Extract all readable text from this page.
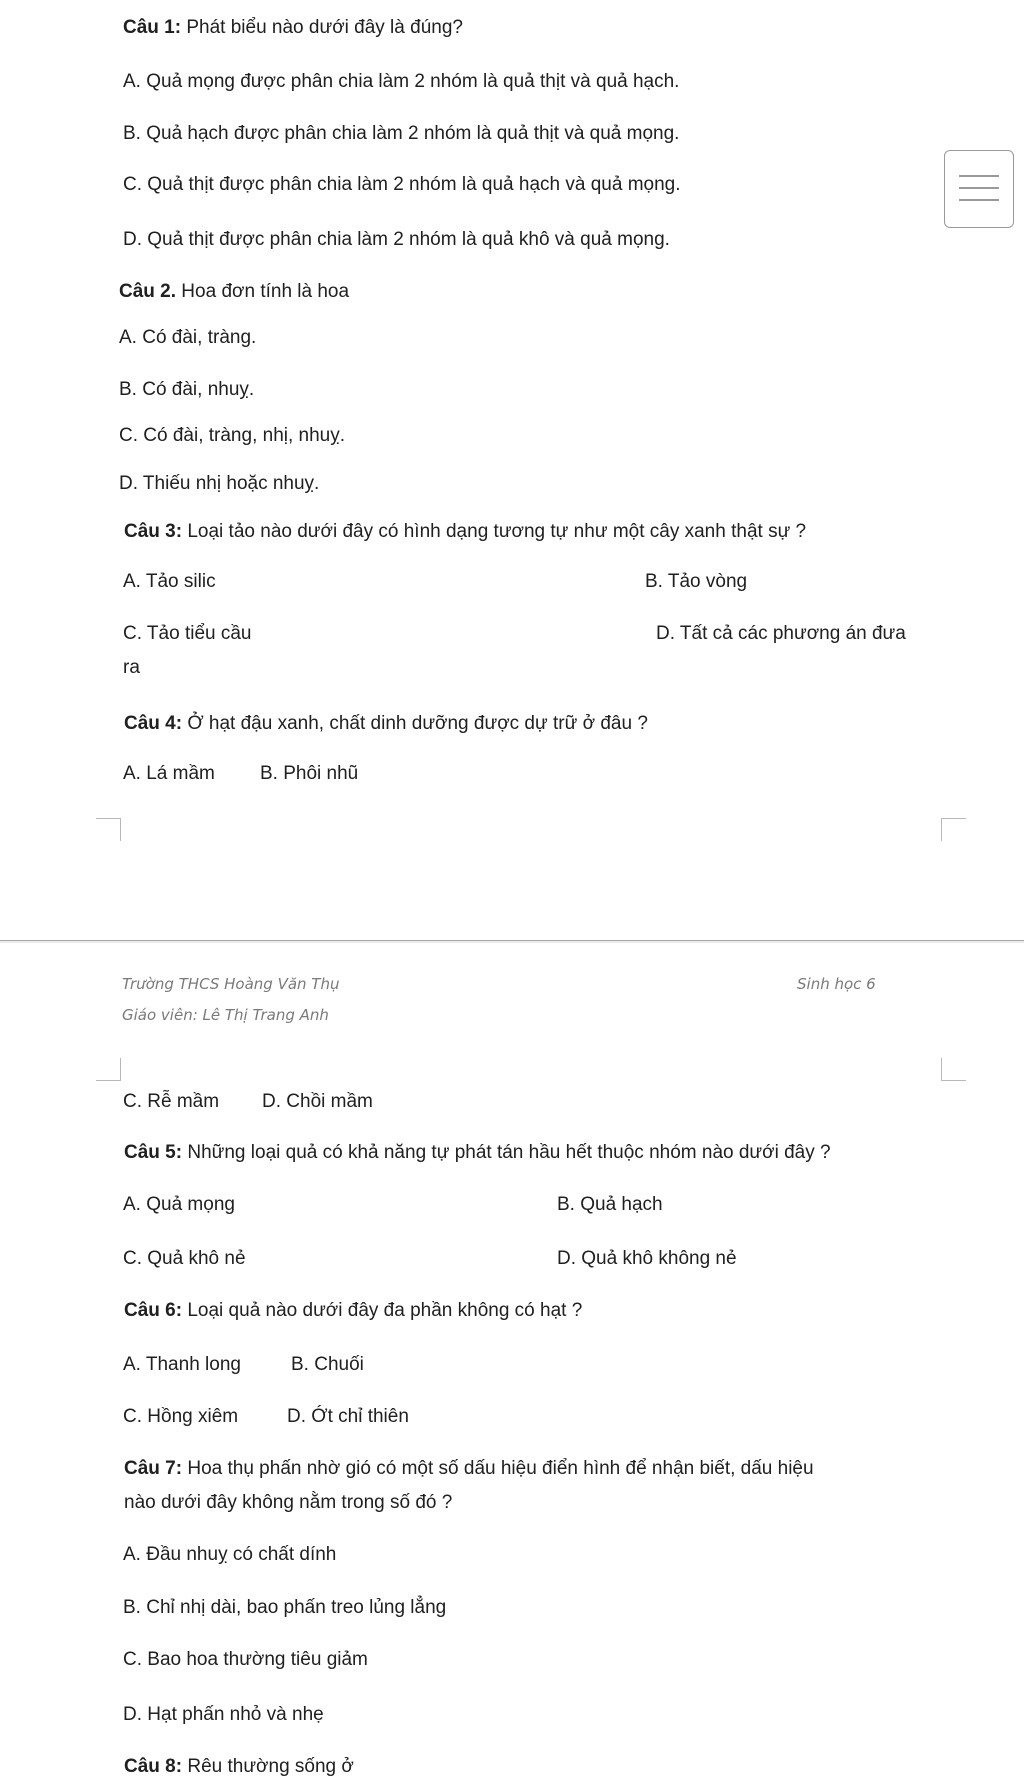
Câu 1: Phát biểu nào dưới đây là đúng?
A. Quả mọng được phân chia làm 2 nhóm là quả thịt và quả hạch.
B. Quả hạch được phân chia làm 2 nhóm là quả thịt và quả mọng.
C. Quả thịt được phân chia làm 2 nhóm là quả hạch và quả mọng.
D. Quả thịt được phân chia làm 2 nhóm là quả khô và quả mọng.
Câu 2. Hoa đơn tính là hoa
A. Có đài, tràng.
B. Có đài, nhuỵ.
C. Có đài, tràng, nhị, nhuỵ.
D. Thiếu nhị hoặc nhuỵ.
Câu 3: Loại tảo nào dưới đây có hình dạng tương tự như một cây xanh thật sự ?
A. Tảo silic	B. Tảo vòng
C. Tảo tiểu cầu	D. Tất cả các phương án đưa
ra
Câu 4: Ở hạt đậu xanh, chất dinh dưỡng được dự trữ ở đâu ?
A. Lá mầm B. Phôi nhũ
Trường THCS Hoàng Văn Thụ	Sinh học 6
Giáo viên: Lê Thị Trang Anh
C. Rễ mầm D. Chồi mầm
Câu 5: Những loại quả có khả năng tự phát tán hầu hết thuộc nhóm nào dưới đây ?
A. Quả mọng	B. Quả hạch
C. Quả khô nẻ	D. Quả khô không nẻ
Câu 6: Loại quả nào dưới đây đa phần không có hạt ?
A. Thanh long	B. Chuối
C. Hồng xiêm	D. Ớt chỉ thiên
Câu 7: Hoa thụ phấn nhờ gió có một số dấu hiệu điển hình để nhận biết, dấu hiệu
nào dưới đây không nằm trong số đó ?
A. Đầu nhuỵ có chất dính
B. Chỉ nhị dài, bao phấn treo lủng lẳng
C. Bao hoa thường tiêu giảm
D. Hạt phấn nhỏ và nhẹ
Câu 8: Rêu thường sống ở
